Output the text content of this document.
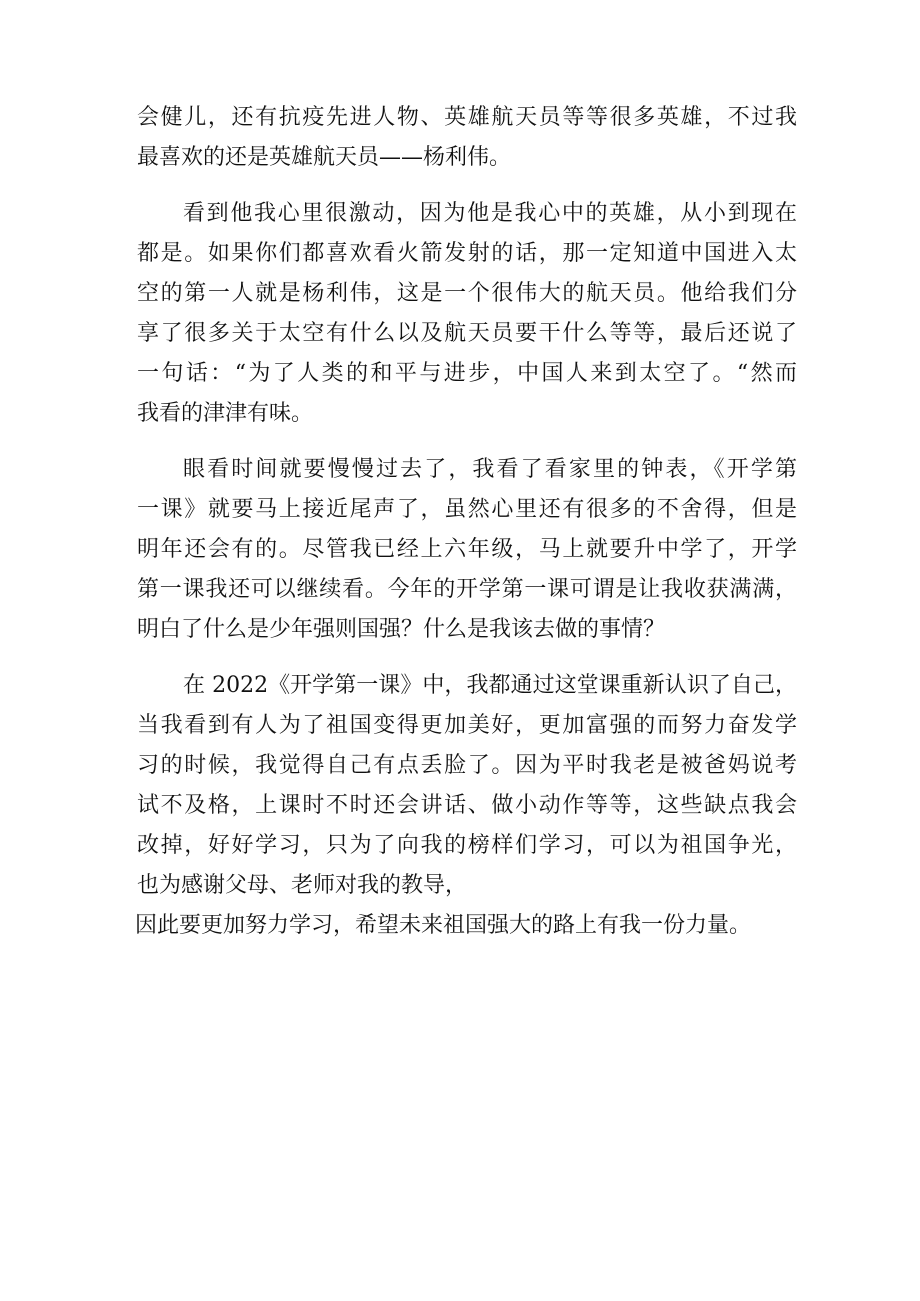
会健儿，还有抗疫先进人物、英雄航天员等等很多英雄，不过我
最喜欢的还是英雄航天员——杨利伟。
看到他我心里很激动，因为他是我心中的英雄，从小到现在
都是。如果你们都喜欢看火箭发射的话，那一定知道中国进入太
空的第一人就是杨利伟，这是一个很伟大的航天员。他给我们分
享了很多关于太空有什么以及航天员要干什么等等，最后还说了
一句话：“为了人类的和平与进步，中国人来到太空了。“然而
我看的津津有味。
眼看时间就要慢慢过去了，我看了看家里的钟表，《开学第
一课》就要马上接近尾声了，虽然心里还有很多的不舍得，但是
明年还会有的。尽管我已经上六年级，马上就要升中学了，开学
第一课我还可以继续看。今年的开学第一课可谓是让我收获满满，
明白了什么是少年强则国强？什么是我该去做的事情？
在 2022《开学第一课》中，我都通过这堂课重新认识了自己，
当我看到有人为了祖国变得更加美好，更加富强的而努力奋发学
习的时候，我觉得自己有点丢脸了。因为平时我老是被爸妈说考
试不及格，上课时不时还会讲话、做小动作等等，这些缺点我会
改掉，好好学习，只为了向我的榜样们学习，可以为祖国争光，
也为感谢父母、老师对我的教导，
因此要更加努力学习，希望未来祖国强大的路上有我一份力量。
